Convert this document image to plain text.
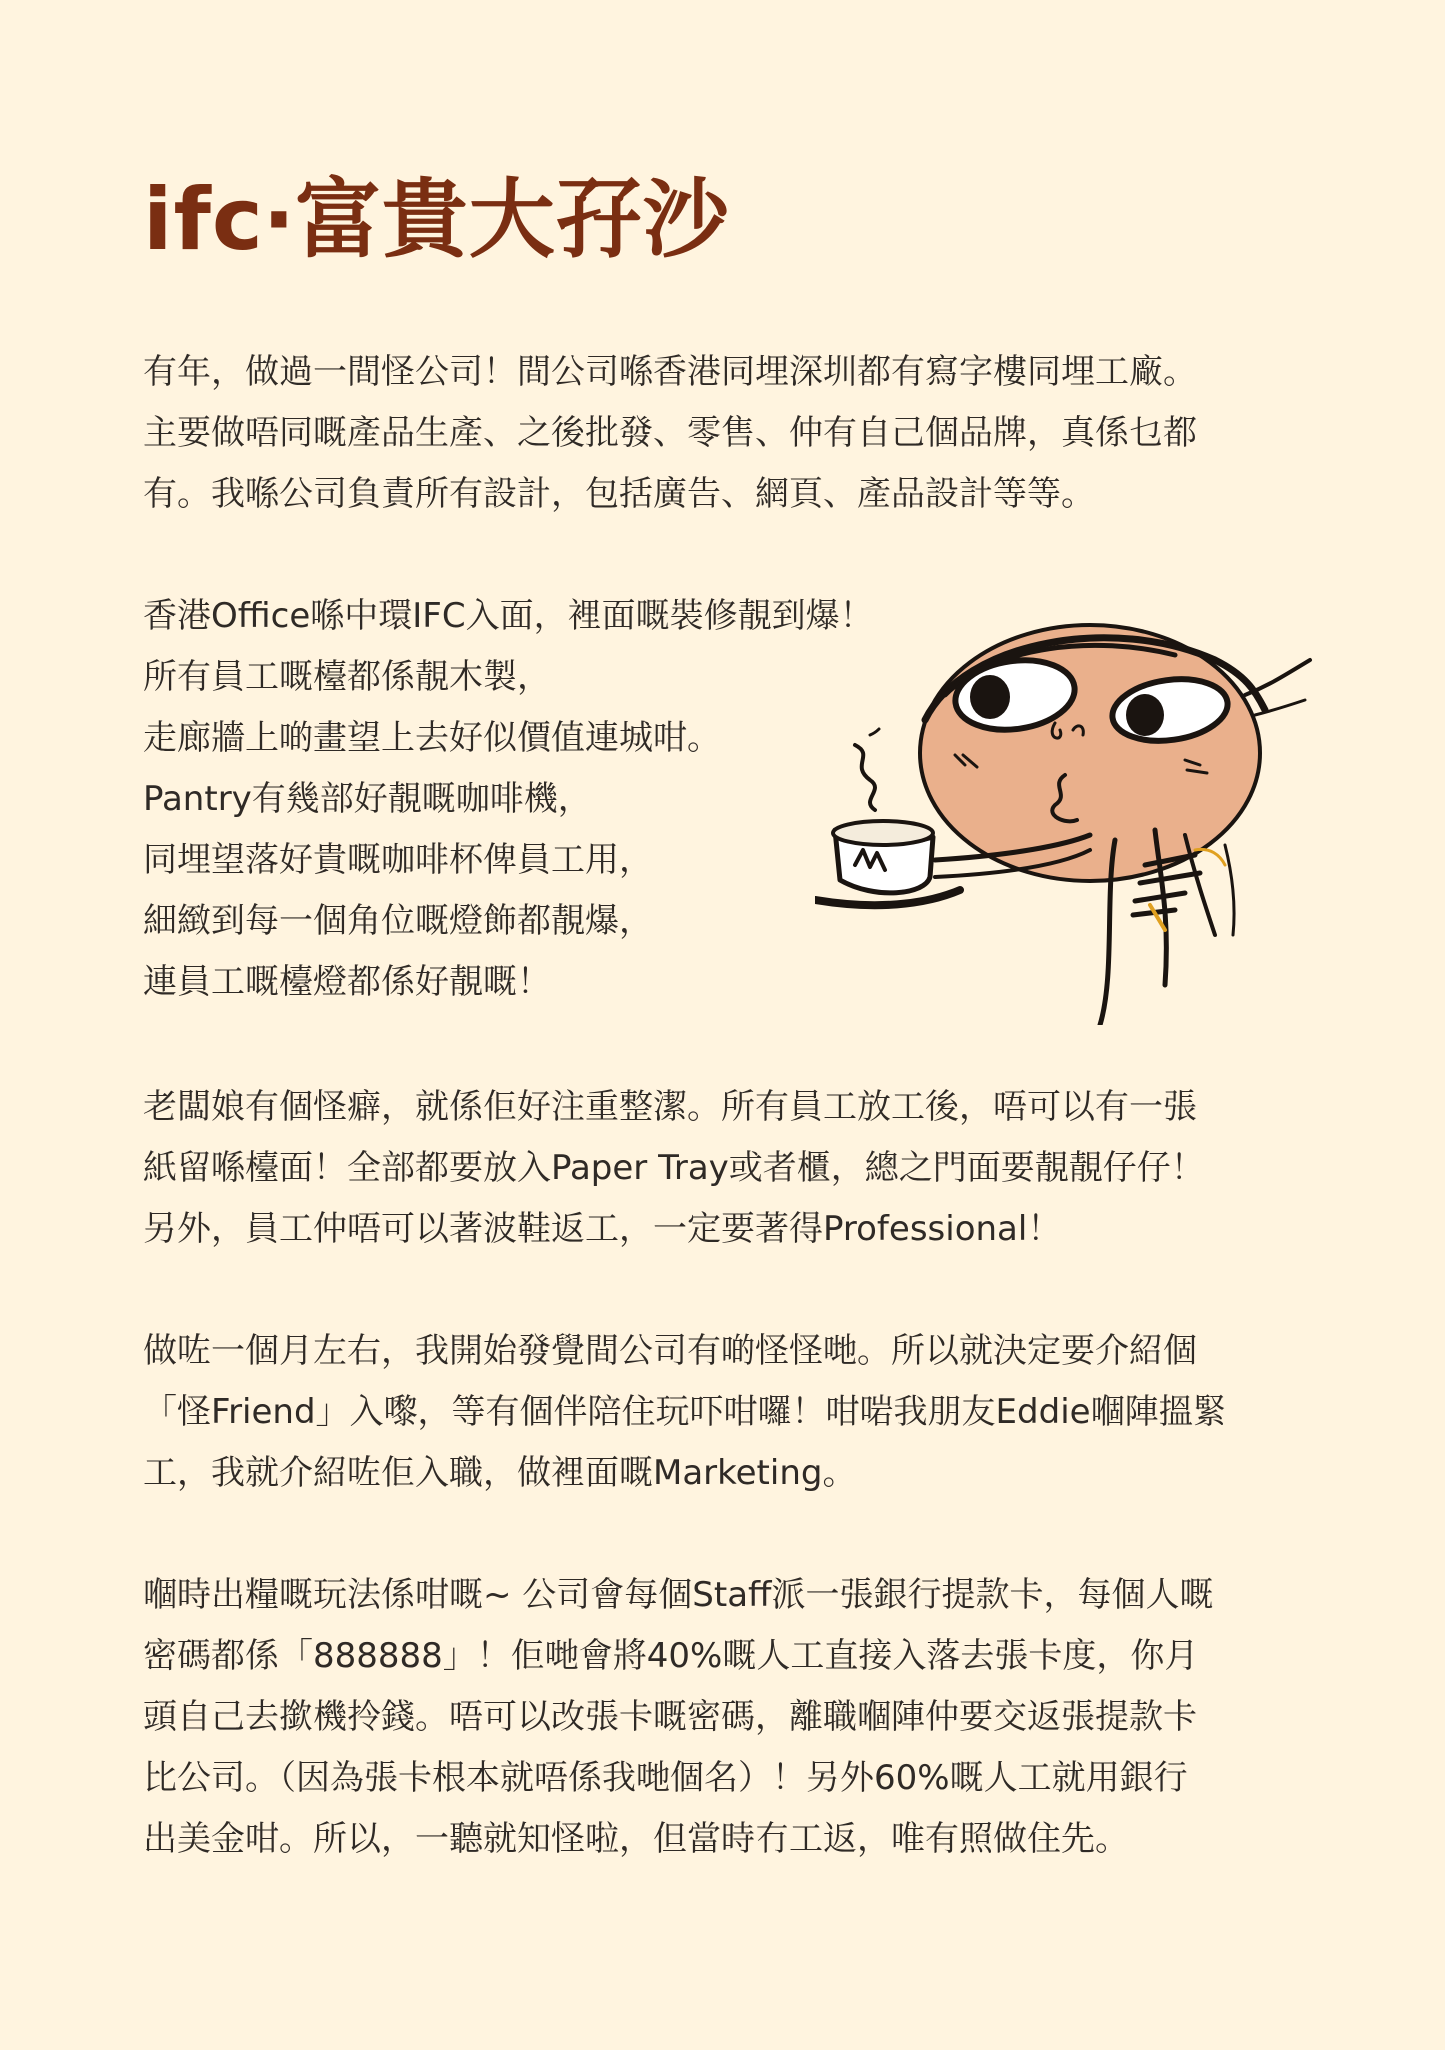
ifc‧富貴大孖沙
有年，做過一間怪公司！間公司喺香港同埋深圳都有寫字樓同埋工廠。
主要做唔同嘅產品生產、之後批發、零售、仲有自己個品牌，真係乜都
有。我喺公司負責所有設計，包括廣告、網頁、產品設計等等。
香港Office喺中環IFC入面，裡面嘅裝修靚到爆！
所有員工嘅檯都係靚木製，
走廊牆上啲畫望上去好似價值連城咁。
Pantry有幾部好靚嘅咖啡機，
同埋望落好貴嘅咖啡杯俾員工用，
細緻到每一個角位嘅燈飾都靚爆，
連員工嘅檯燈都係好靚嘅！
老闆娘有個怪癖，就係佢好注重整潔。所有員工放工後，唔可以有一張
紙留喺檯面！全部都要放入Paper Tray或者櫃，總之門面要靚靚仔仔！
另外，員工仲唔可以著波鞋返工，一定要著得Professional！
做咗一個月左右，我開始發覺間公司有啲怪怪哋。所以就決定要介紹個
「怪Friend」入嚟，等有個伴陪住玩吓咁囉！咁啱我朋友Eddie嗰陣搵緊
工，我就介紹咗佢入職，做裡面嘅Marketing。
嗰時出糧嘅玩法係咁嘅~ 公司會每個Staff派一張銀行提款卡，每個人嘅
密碼都係「888888」！佢哋會將40%嘅人工直接入落去張卡度，你月
頭自己去撳機拎錢。唔可以改張卡嘅密碼，離職嗰陣仲要交返張提款卡
比公司。（因為張卡根本就唔係我哋個名）！另外60%嘅人工就用銀行
出美金咁。所以，一聽就知怪啦，但當時冇工返，唯有照做住先。
